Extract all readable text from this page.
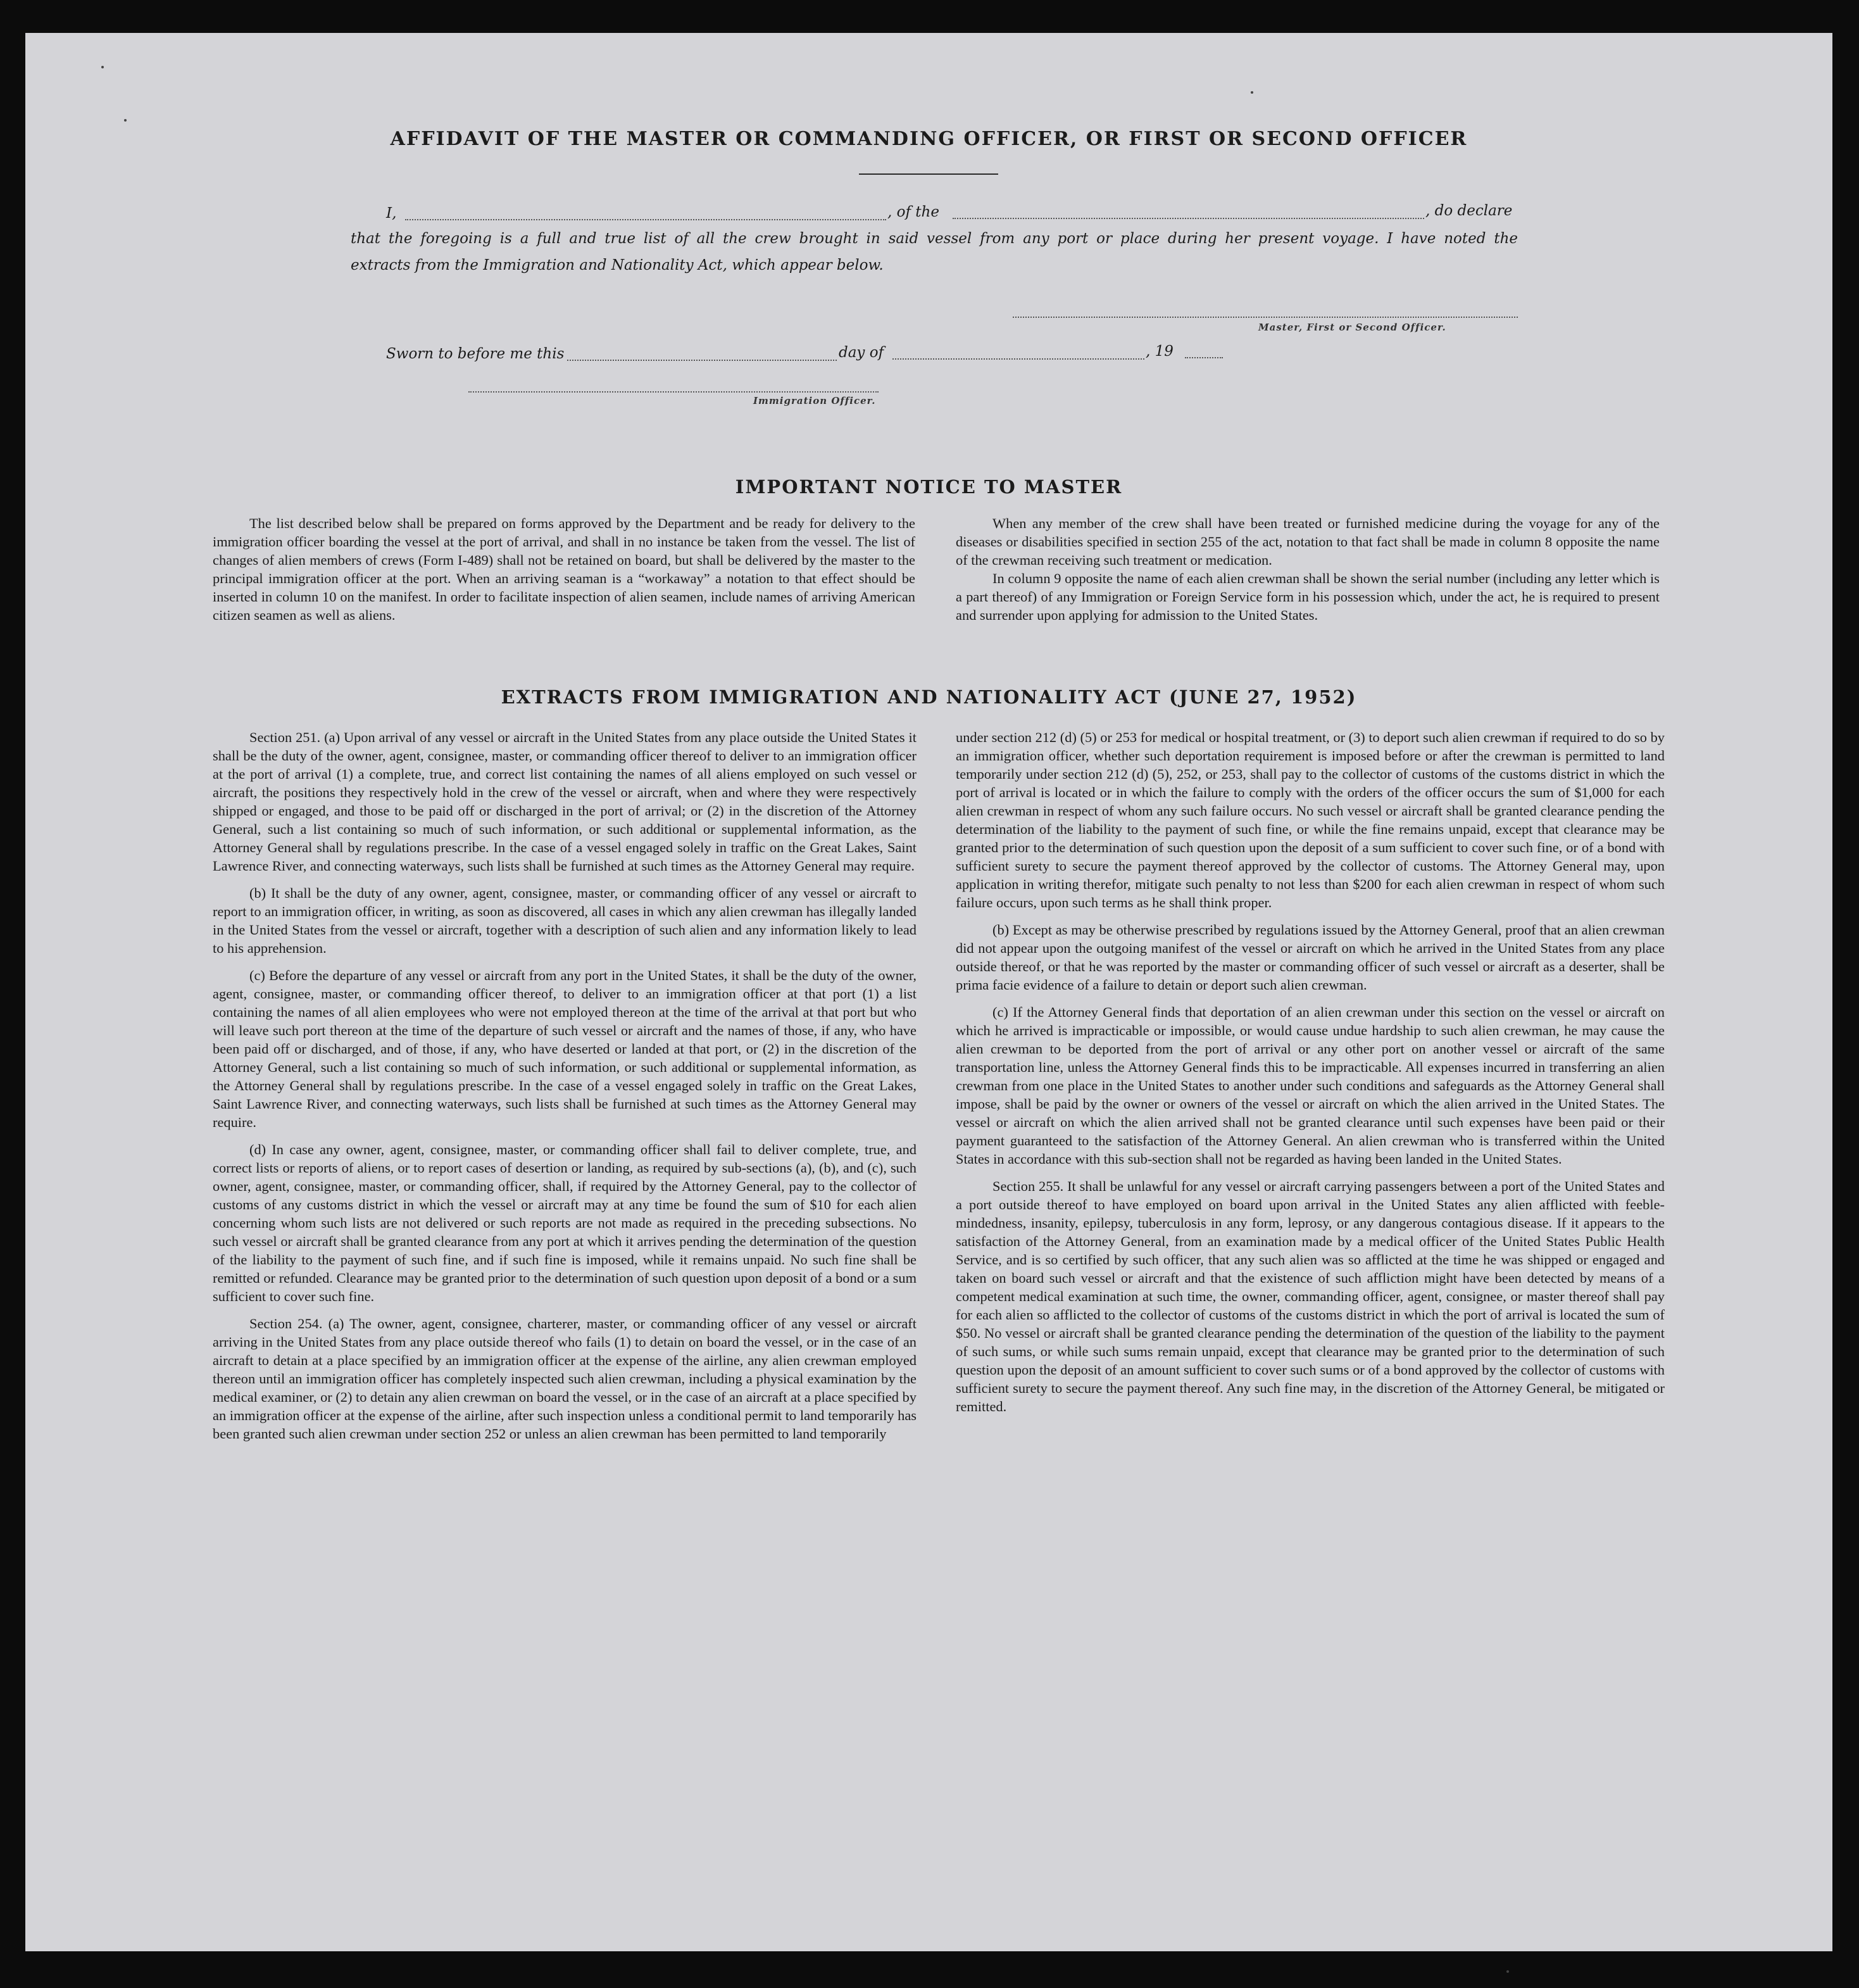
AFFIDAVIT OF THE MASTER OR COMMANDING OFFICER, OR FIRST OR SECOND OFFICER
I,	, of the	, do declare
that the foregoing is a full and true list of all the crew brought in said vessel from any port or place during her present voyage. I have noted the
extracts from the Immigration and Nationality Act, which appear below.
Master, First or Second Officer.
Sworn to before me this	day of	, 19
Immigration Officer.
IMPORTANT NOTICE TO MASTER

The list described below shall be prepared on forms approved by the Department and be ready for delivery to the immigration officer boarding the vessel at the port of arrival, and shall in no instance be taken from the vessel. The list of changes of alien members of crews (Form I-489) shall not be retained on board, but shall be delivered by the master to the principal immigration officer at the port. When an arriving seaman is a “workaway” a notation to that effect should be inserted in column 10 on the manifest. In order to facilitate inspection of alien seamen, include names of arriving American citizen seamen as well as aliens.

When any member of the crew shall have been treated or furnished medicine during the voyage for any of the diseases or disabilities specified in section 255 of the act, notation to that fact shall be made in column 8 opposite the name of the crewman receiving such treatment or medication.

In column 9 opposite the name of each alien crewman shall be shown the serial number (including any letter which is a part thereof) of any Immigration or Foreign Service form in his possession which, under the act, he is required to present and surrender upon applying for admission to the United States.

EXTRACTS FROM IMMIGRATION AND NATIONALITY ACT (JUNE 27, 1952)

Section 251. (a) Upon arrival of any vessel or aircraft in the United States from any place outside the United States it shall be the duty of the owner, agent, consignee, master, or commanding officer thereof to deliver to an immigration officer at the port of arrival (1) a complete, true, and correct list containing the names of all aliens employed on such vessel or aircraft, the positions they respectively hold in the crew of the vessel or aircraft, when and where they were respectively shipped or engaged, and those to be paid off or discharged in the port of arrival; or (2) in the discretion of the Attorney General, such a list containing so much of such information, or such additional or supplemental information, as the Attorney General shall by regulations prescribe. In the case of a vessel engaged solely in traffic on the Great Lakes, Saint Lawrence River, and connecting waterways, such lists shall be furnished at such times as the Attorney General may require.

(b) It shall be the duty of any owner, agent, consignee, master, or commanding officer of any vessel or aircraft to report to an immigration officer, in writing, as soon as discovered, all cases in which any alien crewman has illegally landed in the United States from the vessel or aircraft, together with a description of such alien and any information likely to lead to his apprehension.

(c) Before the departure of any vessel or aircraft from any port in the United States, it shall be the duty of the owner, agent, consignee, master, or commanding officer thereof, to deliver to an immigration officer at that port (1) a list containing the names of all alien employees who were not employed thereon at the time of the arrival at that port but who will leave such port thereon at the time of the departure of such vessel or aircraft and the names of those, if any, who have been paid off or discharged, and of those, if any, who have deserted or landed at that port, or (2) in the discretion of the Attorney General, such a list containing so much of such information, or such additional or supplemental information, as the Attorney General shall by regulations prescribe. In the case of a vessel engaged solely in traffic on the Great Lakes, Saint Lawrence River, and connecting waterways, such lists shall be furnished at such times as the Attorney General may require.

(d) In case any owner, agent, consignee, master, or commanding officer shall fail to deliver complete, true, and correct lists or reports of aliens, or to report cases of desertion or landing, as required by sub-sections (a), (b), and (c), such owner, agent, consignee, master, or commanding officer, shall, if required by the Attorney General, pay to the collector of customs of any customs district in which the vessel or aircraft may at any time be found the sum of $10 for each alien concerning whom such lists are not delivered or such reports are not made as required in the preceding subsections. No such vessel or aircraft shall be granted clearance from any port at which it arrives pending the determination of the question of the liability to the payment of such fine, and if such fine is imposed, while it remains unpaid. No such fine shall be remitted or refunded. Clearance may be granted prior to the determination of such question upon deposit of a bond or a sum sufficient to cover such fine.

Section 254. (a) The owner, agent, consignee, charterer, master, or commanding officer of any vessel or aircraft arriving in the United States from any place outside thereof who fails (1) to detain on board the vessel, or in the case of an aircraft to detain at a place specified by an immigration officer at the expense of the airline, any alien crewman employed thereon until an immigration officer has completely inspected such alien crewman, including a physical examination by the medical examiner, or (2) to detain any alien crewman on board the vessel, or in the case of an aircraft at a place specified by an immigration officer at the expense of the airline, after such inspection unless a conditional permit to land temporarily has been granted such alien crewman under section 252 or unless an alien crewman has been permitted to land temporarily

under section 212 (d) (5) or 253 for medical or hospital treatment, or (3) to deport such alien crewman if required to do so by an immigration officer, whether such deportation requirement is imposed before or after the crewman is permitted to land temporarily under section 212 (d) (5), 252, or 253, shall pay to the collector of customs of the customs district in which the port of arrival is located or in which the failure to comply with the orders of the officer occurs the sum of $1,000 for each alien crewman in respect of whom any such failure occurs. No such vessel or aircraft shall be granted clearance pending the determination of the liability to the payment of such fine, or while the fine remains unpaid, except that clearance may be granted prior to the determination of such question upon the deposit of a sum sufficient to cover such fine, or of a bond with sufficient surety to secure the payment thereof approved by the collector of customs. The Attorney General may, upon application in writing therefor, mitigate such penalty to not less than $200 for each alien crewman in respect of whom such failure occurs, upon such terms as he shall think proper.

(b) Except as may be otherwise prescribed by regulations issued by the Attorney General, proof that an alien crewman did not appear upon the outgoing manifest of the vessel or aircraft on which he arrived in the United States from any place outside thereof, or that he was reported by the master or commanding officer of such vessel or aircraft as a deserter, shall be prima facie evidence of a failure to detain or deport such alien crewman.

(c) If the Attorney General finds that deportation of an alien crewman under this section on the vessel or aircraft on which he arrived is impracticable or impossible, or would cause undue hardship to such alien crewman, he may cause the alien crewman to be deported from the port of arrival or any other port on another vessel or aircraft of the same transportation line, unless the Attorney General finds this to be impracticable. All expenses incurred in transferring an alien crewman from one place in the United States to another under such conditions and safeguards as the Attorney General shall impose, shall be paid by the owner or owners of the vessel or aircraft on which the alien arrived in the United States. The vessel or aircraft on which the alien arrived shall not be granted clearance until such expenses have been paid or their payment guaranteed to the satisfaction of the Attorney General. An alien crewman who is transferred within the United States in accordance with this sub-section shall not be regarded as having been landed in the United States.

Section 255. It shall be unlawful for any vessel or aircraft carrying passengers between a port of the United States and a port outside thereof to have employed on board upon arrival in the United States any alien afflicted with feeble-mindedness, insanity, epilepsy, tuberculosis in any form, leprosy, or any dangerous contagious disease. If it appears to the satisfaction of the Attorney General, from an examination made by a medical officer of the United States Public Health Service, and is so certified by such officer, that any such alien was so afflicted at the time he was shipped or engaged and taken on board such vessel or aircraft and that the existence of such affliction might have been detected by means of a competent medical examination at such time, the owner, commanding officer, agent, consignee, or master thereof shall pay for each alien so afflicted to the collector of customs of the customs district in which the port of arrival is located the sum of $50. No vessel or aircraft shall be granted clearance pending the determination of the question of the liability to the payment of such sums, or while such sums remain unpaid, except that clearance may be granted prior to the determination of such question upon the deposit of an amount sufficient to cover such sums or of a bond approved by the collector of customs with sufficient surety to secure the payment thereof. Any such fine may, in the discretion of the Attorney General, be mitigated or remitted.
